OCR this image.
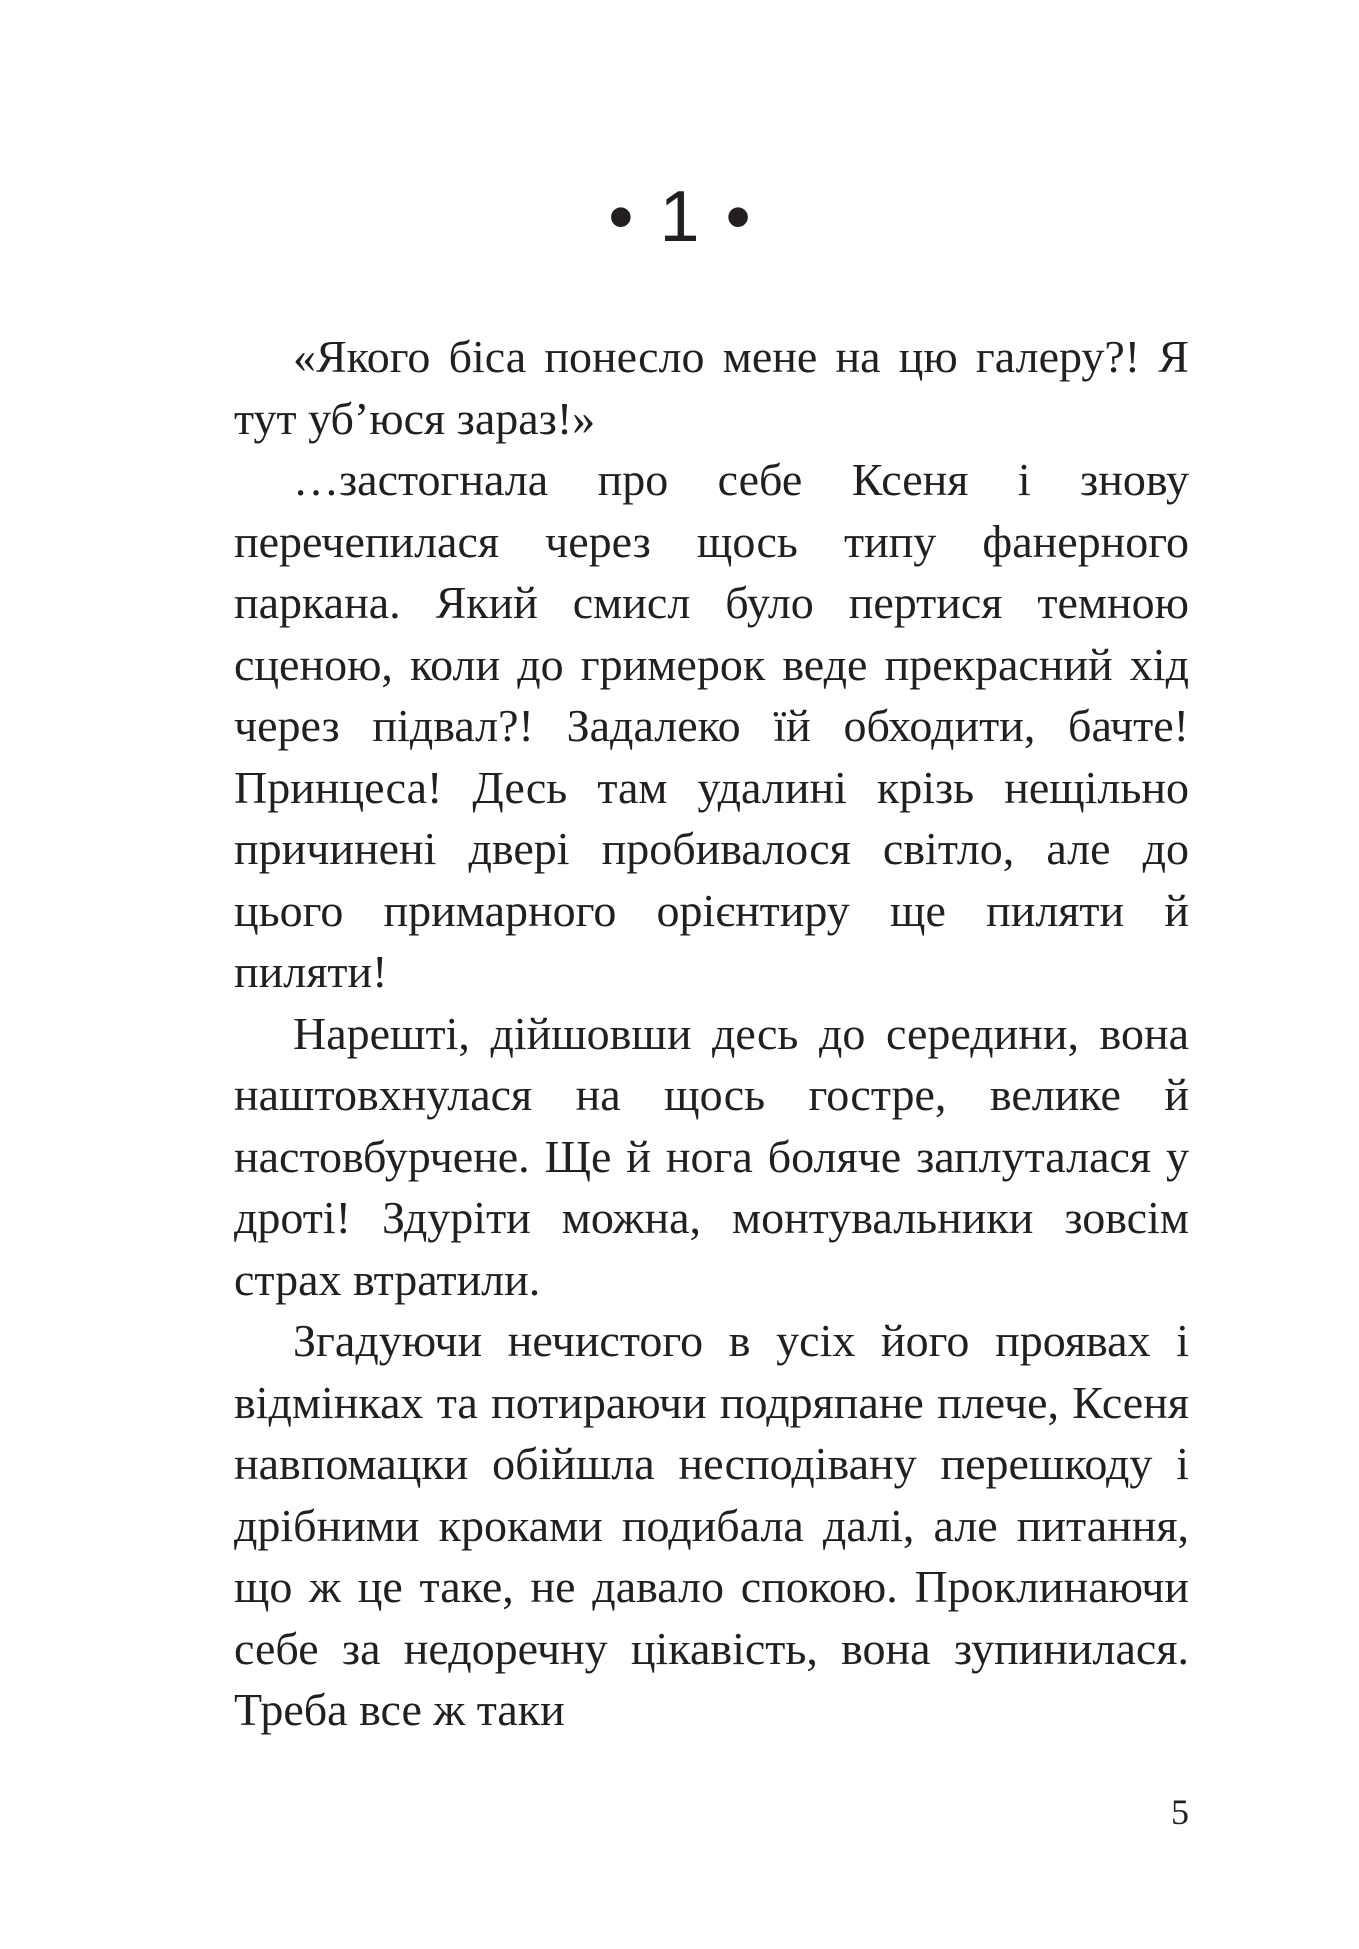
• 1 •

«Якого біса понесло мене на цю галеру?! Я тут уб’юся зараз!»

…застогнала про себе Ксеня і знову перечепилася через щось типу фанерного паркана. Який смисл було пертися темною сценою, коли до гримерок веде прекрасний хід через підвал?! Задалеко їй обходити, бачте! Принцеса! Десь там удалині крізь нещільно причинені двері пробивалося світло, але до цього примарного орієнтиру ще пиляти й пиляти!

Нарешті, дійшовши десь до середини, вона наштовхнулася на щось гостре, велике й настовбурчене. Ще й нога боляче заплуталася у дроті! Здуріти можна, монтувальники зовсім страх втратили.

Згадуючи нечистого в усіх його проявах і відмінках та потираючи подряпане плече, Ксеня навпомацки обійшла несподівану перешкоду і дрібними кроками подибала далі, але питання, що ж це таке, не давало спокою. Проклинаючи себе за недоречну цікавість, вона зупинилася. Треба все ж таки

5
